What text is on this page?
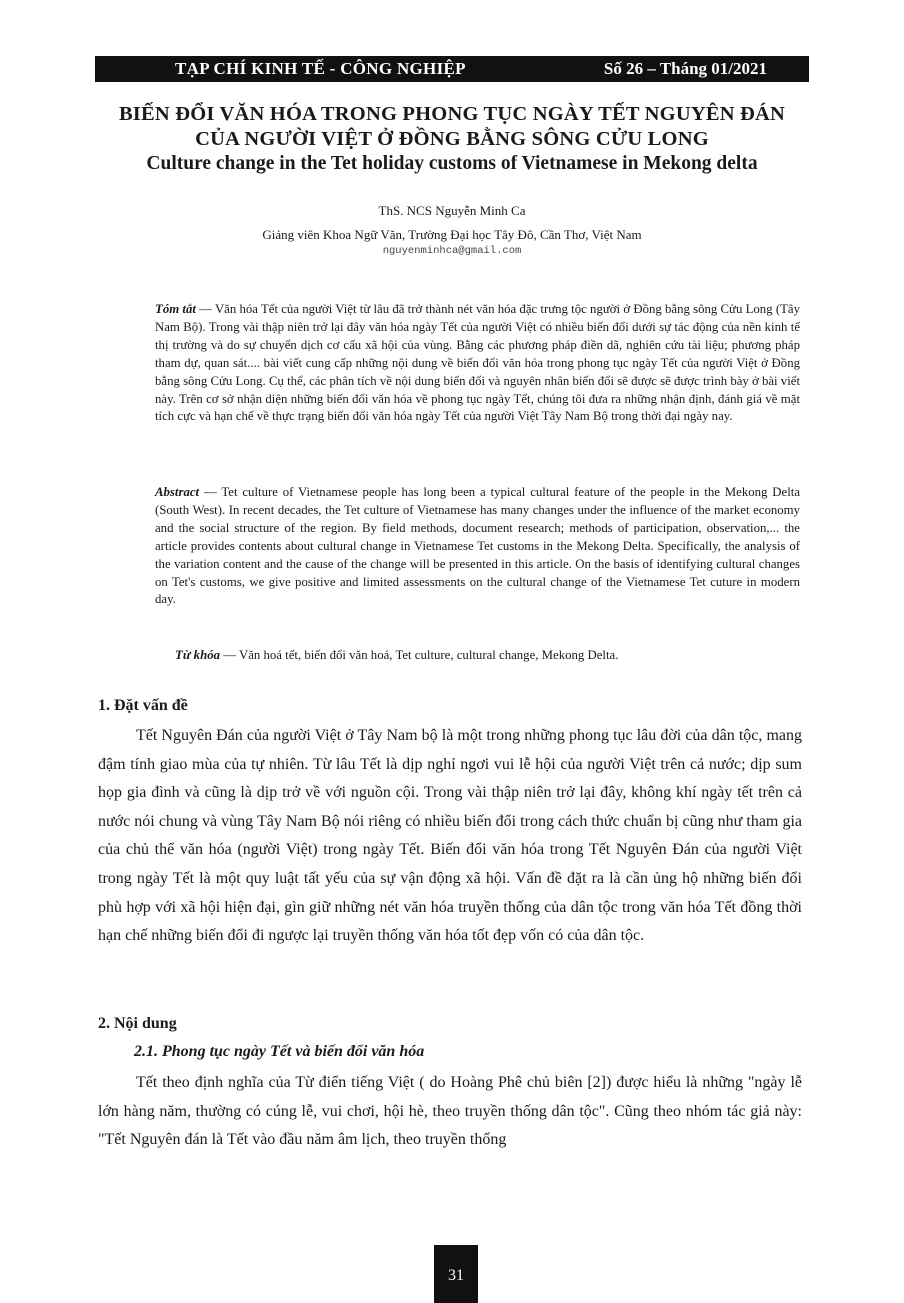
TẠP CHÍ KINH TẾ - CÔNG NGHIỆP	Số 26 – Tháng 01/2021
BIẾN ĐỔI VĂN HÓA TRONG PHONG TỤC NGÀY TẾT NGUYÊN ĐÁN
CỦA NGƯỜI VIỆT Ở ĐỒNG BẰNG SÔNG CỬU LONG
Culture change in the Tet holiday customs of Vietnamese in Mekong delta
ThS. NCS Nguyễn Minh Ca
Giảng viên Khoa Ngữ Văn, Trường Đại học Tây Đô, Cần Thơ, Việt Nam
nguyenminhca@gmail.com
Tóm tắt — Văn hóa Tết của người Việt từ lâu đã trở thành nét văn hóa đặc trưng tộc người ở Đồng bằng sông Cửu Long (Tây Nam Bộ). Trong vài thập niên trở lại đây văn hóa ngày Tết của người Việt có nhiều biến đổi dưới sự tác động của nền kinh tế thị trường và do sự chuyển dịch cơ cấu xã hội của vùng. Bằng các phương pháp điền dã, nghiên cứu tài liệu; phương pháp tham dự, quan sát.... bài viết cung cấp những nội dung về biến đổi văn hóa trong phong tục ngày Tết của người Việt ở Đồng bằng sông Cửu Long. Cụ thể, các phân tích về nội dung biến đổi và nguyên nhân biến đổi sẽ được sẽ được trình bày ở bài viết này. Trên cơ sở nhận diện những biến đổi văn hóa về phong tục ngày Tết, chúng tôi đưa ra những nhận định, đánh giá về mặt tích cực và hạn chế về thực trạng biến đổi văn hóa ngày Tết của người Việt Tây Nam Bộ trong thời đại ngày nay.
Abstract — Tet culture of Vietnamese people has long been a typical cultural feature of the people in the Mekong Delta (South West). In recent decades, the Tet culture of Vietnamese has many changes under the influence of the market economy and the social structure of the region. By field methods, document research; methods of participation, observation,... the article provides contents about cultural change in Vietnamese Tet customs in the Mekong Delta. Specifically, the analysis of the variation content and the cause of the change will be presented in this article. On the basis of identifying cultural changes on Tet's customs, we give positive and limited assessments on the cultural change of the Vietnamese Tet cuture in modern day.
Từ khóa — Văn hoá tết, biến đổi văn hoá, Tet culture, cultural change, Mekong Delta.
1. Đặt vấn đề
Tết Nguyên Đán của người Việt ở Tây Nam bộ là một trong những phong tục lâu đời của dân tộc, mang đậm tính giao mùa của tự nhiên. Từ lâu Tết là dịp nghỉ ngơi vui lễ hội của người Việt trên cả nước; dịp sum họp gia đình và cũng là dịp trở về với nguồn cội. Trong vài thập niên trở lại đây, không khí ngày tết trên cả nước nói chung và vùng Tây Nam Bộ nói riêng có nhiều biến đổi trong cách thức chuẩn bị cũng như tham gia của chủ thể văn hóa (người Việt) trong ngày Tết. Biến đổi văn hóa trong Tết Nguyên Đán của người Việt trong ngày Tết là một quy luật tất yếu của sự vận động xã hội. Vấn đề đặt ra là cần ủng hộ những biến đổi phù hợp với xã hội hiện đại, gìn giữ những nét văn hóa truyền thống của dân tộc trong văn hóa Tết đồng thời hạn chế những biến đổi đi ngược lại truyền thống văn hóa tốt đẹp vốn có của dân tộc.
2. Nội dung
2.1. Phong tục ngày Tết và biến đổi văn hóa
Tết theo định nghĩa của Từ điển tiếng Việt ( do Hoàng Phê chủ biên [2]) được hiểu là những "ngày lễ lớn hàng năm, thường có cúng lễ, vui chơi, hội hè, theo truyền thống dân tộc". Cũng theo nhóm tác giả này: "Tết Nguyên đán là Tết vào đầu năm âm lịch, theo truyền thống
31
